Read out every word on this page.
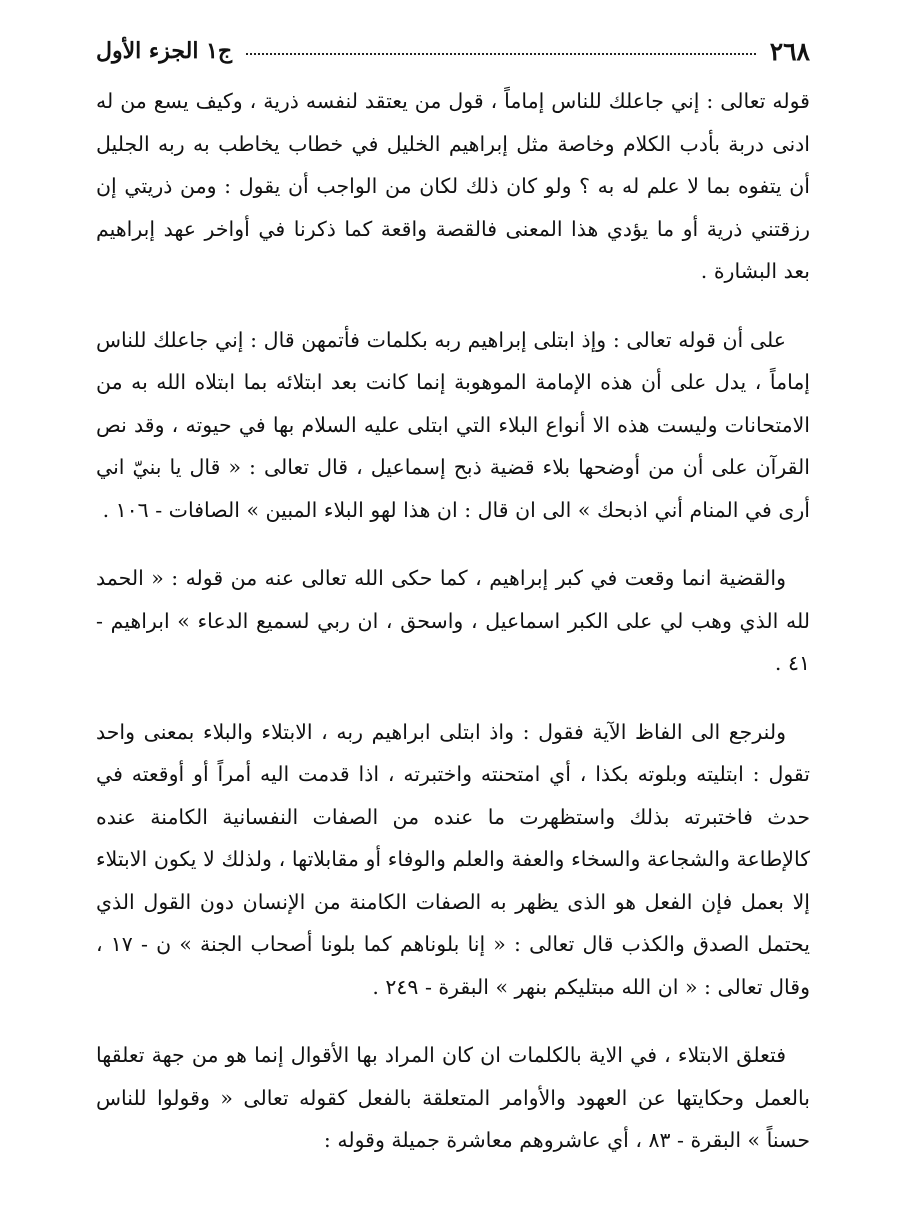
٢٦٨
ج١ الجزء الأول

قوله تعالى : إني جاعلك للناس إماماً ، قول من يعتقد لنفسه ذرية ، وكيف يسع من له ادنى دربة بأدب الكلام وخاصة مثل إبراهيم الخليل في خطاب يخاطب به ربه الجليل أن يتفوه بما لا علم له به ؟ ولو كان ذلك لكان من الواجب أن يقول : ومن ذريتي إن رزقتني ذرية أو ما يؤدي هذا المعنى فالقصة واقعة كما ذكرنا في أواخر عهد إبراهيم بعد البشارة .

على أن قوله تعالى : وإذ ابتلى إبراهيم ربه بكلمات فأتمهن قال : إني جاعلك للناس إماماً ، يدل على أن هذه الإمامة الموهوبة إنما كانت بعد ابتلائه بما ابتلاه الله به من الامتحانات وليست هذه الا أنواع البلاء التي ابتلى عليه السلام بها في حيوته ، وقد نص القرآن على أن من أوضحها بلاء قضية ذبح إسماعيل ، قال تعالى : « قال يا بنيّ اني أرى في المنام أني اذبحك » الى ان قال : ان هذا لهو البلاء المبين » الصافات - ١٠٦ .

والقضية انما وقعت في كبر إبراهيم ، كما حكى الله تعالى عنه من قوله : « الحمد لله الذي وهب لي على الكبر اسماعيل ، واسحق ، ان ربي لسميع الدعاء » ابراهيم - ٤١ .

ولنرجع الى الفاظ الآية فقول : واذ ابتلى ابراهيم ربه ، الابتلاء والبلاء بمعنى واحد تقول : ابتليته وبلوته بكذا ، أي امتحنته واختبرته ، اذا قدمت اليه أمراً أو أوقعته في حدث فاختبرته بذلك واستظهرت ما عنده من الصفات النفسانية الكامنة عنده كالإطاعة والشجاعة والسخاء والعفة والعلم والوفاء أو مقابلاتها ، ولذلك لا يكون الابتلاء إلا بعمل فإن الفعل هو الذى يظهر به الصفات الكامنة من الإنسان دون القول الذي يحتمل الصدق والكذب قال تعالى : « إنا بلوناهم كما بلونا أصحاب الجنة » ن - ١٧ ، وقال تعالى : « ان الله مبتليكم بنهر » البقرة - ٢٤٩ .

فتعلق الابتلاء ، في الاية بالكلمات ان كان المراد بها الأقوال إنما هو من جهة تعلقها بالعمل وحكايتها عن العهود والأوامر المتعلقة بالفعل كقوله تعالى « وقولوا للناس حسناً » البقرة - ٨٣ ، أي عاشروهم معاشرة جميلة وقوله :
